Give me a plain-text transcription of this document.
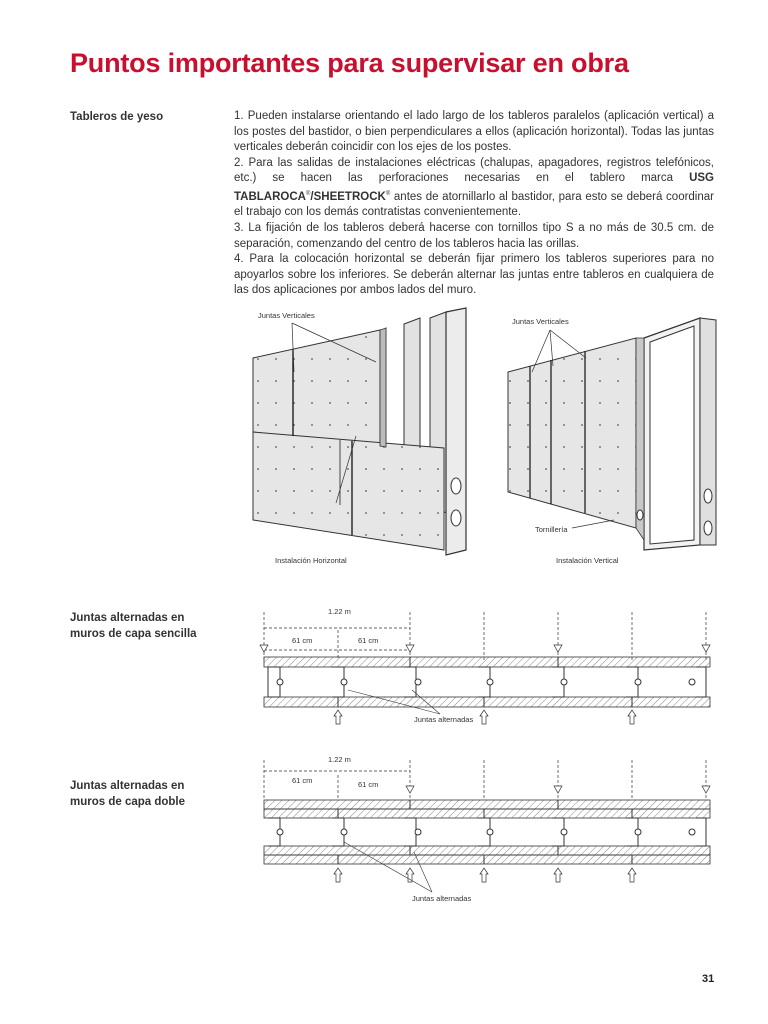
Puntos importantes para supervisar en obra
Tableros de yeso	1. Pueden instalarse orientando el lado largo de los tableros paralelos (aplicación vertical) a los postes del bastidor, o bien perpendiculares a ellos (aplicación horizontal). Todas las juntas verticales deberán coincidir con los ejes de los postes.

2. Para las salidas de instalaciones eléctricas (chalupas, apagadores, registros telefónicos, etc.) se hacen las perforaciones necesarias en el tablero marca USG TABLAROCA®/SHEETROCK® antes de atornillarlo al bastidor, para esto se deberá coordinar el trabajo con los demás contratistas convenientemente.

3. La fijación de los tableros deberá hacerse con tornillos tipo S a no más de 30.5 cm. de separación, comenzando del centro de los tableros hacia las orillas.

4. Para la colocación horizontal se deberán fijar primero los tableros superiores para no apoyarlos sobre los inferiores. Se deberán alternar las juntas entre tableros en cualquiera de las dos aplicaciones por ambos lados del muro.

Juntas Verticales
Instalación Horizontal
Juntas Verticales
Tornillería
Instalación Vertical
1.22 m
61 cm	61 cm
Juntas alternadas
1.22 m
61 cm	61 cm
Juntas alternadas
Juntas alternadas en
muros de capa sencilla
Juntas alternadas en
muros de capa doble
31
